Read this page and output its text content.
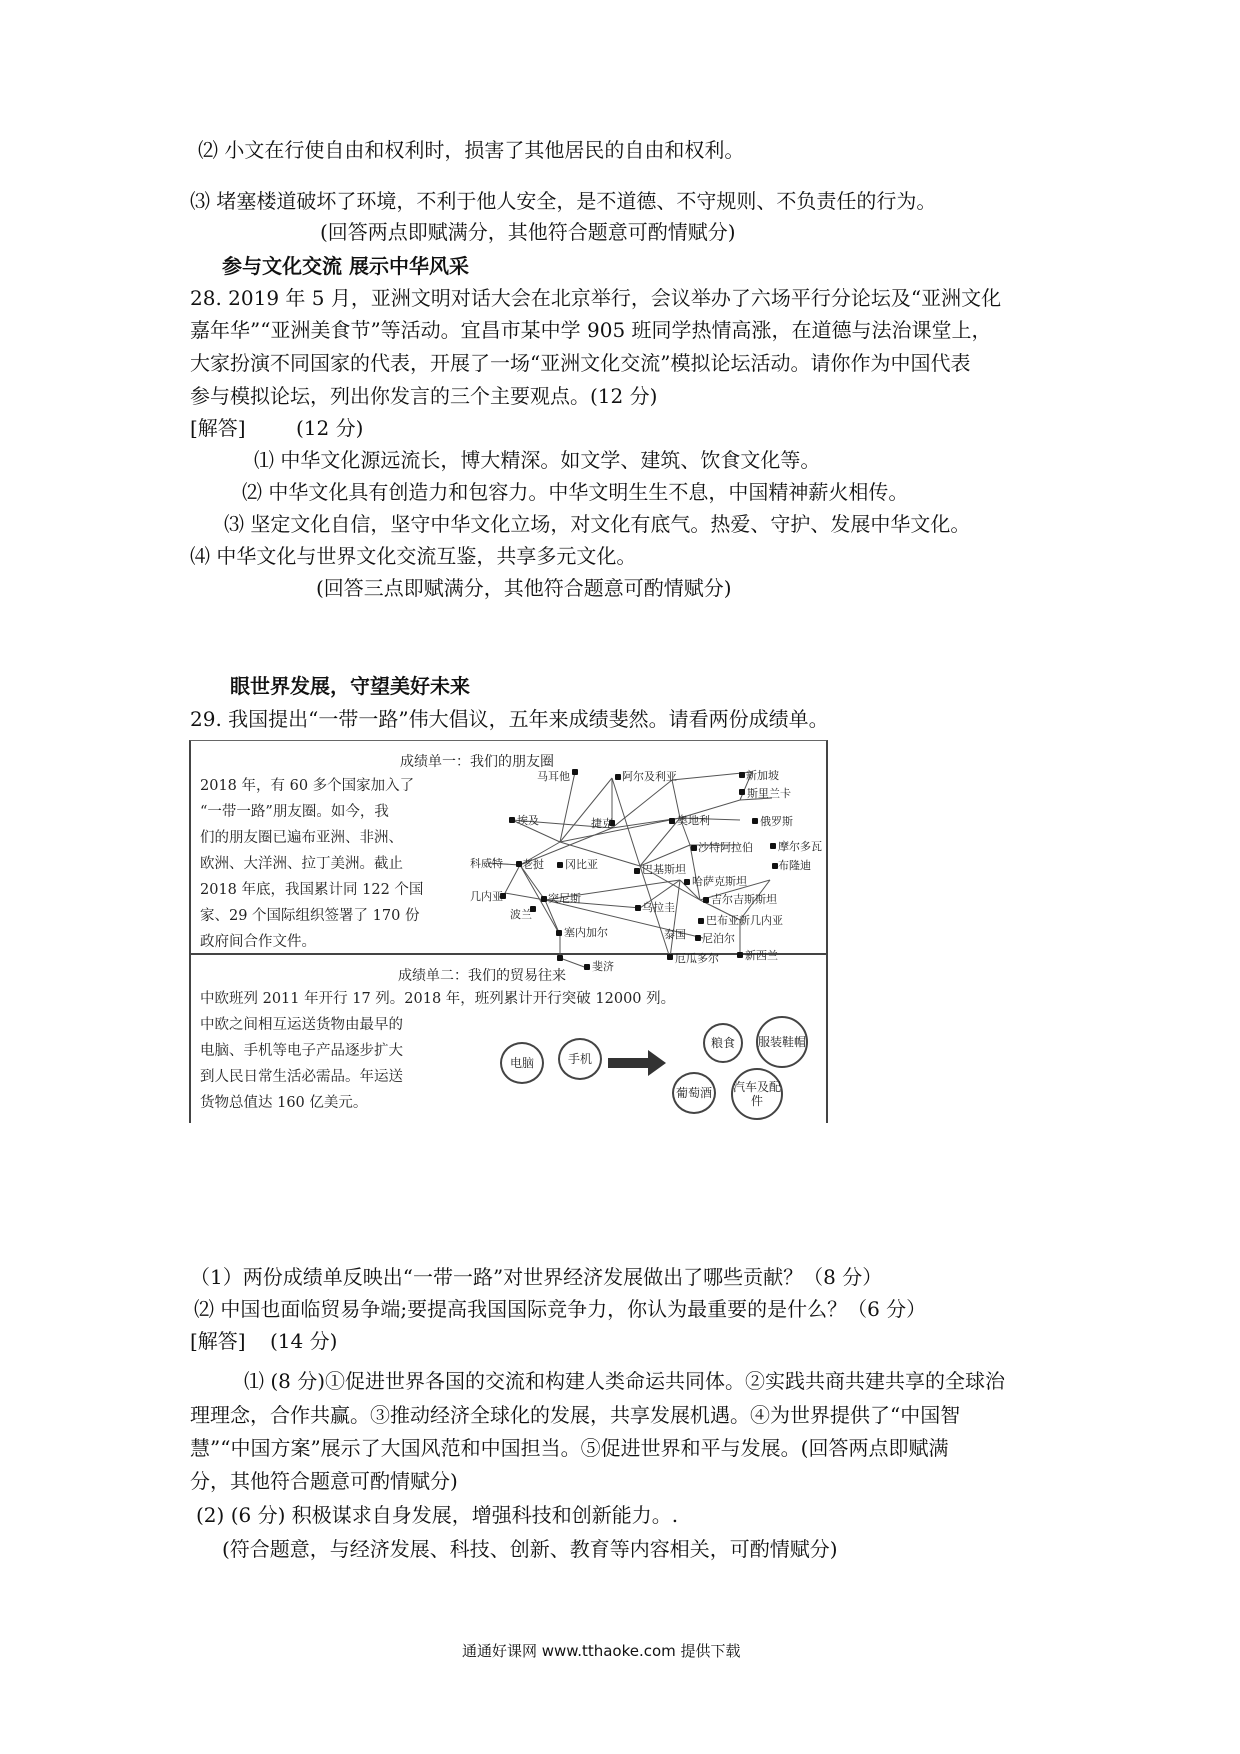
⑵ 小文在行使自由和权利时，损害了其他居民的自由和权利。
⑶ 堵塞楼道破坏了环境，不利于他人安全，是不道德、不守规则、不负责任的行为。
(回答两点即赋满分，其他符合题意可酌情赋分)
参与文化交流 展示中华风采
28. 2019 年 5 月，亚洲文明对话大会在北京举行，会议举办了六场平行分论坛及“亚洲文化
嘉年华”“亚洲美食节”等活动。宜昌市某中学 905 班同学热情高涨，在道德与法治课堂上，
大家扮演不同国家的代表，开展了一场“亚洲文化交流”模拟论坛活动。请你作为中国代表
参与模拟论坛，列出你发言的三个主要观点。(12 分)
[解答]	(12 分)
⑴ 中华文化源远流长，博大精深。如文学、建筑、饮食文化等。
⑵ 中华文化具有创造力和包容力。中华文明生生不息，中国精神薪火相传。
⑶ 坚定文化自信，坚守中华文化立场，对文化有底气。热爱、守护、发展中华文化。
⑷ 中华文化与世界文化交流互鉴，共享多元文化。
(回答三点即赋满分，其他符合题意可酌情赋分)
眼世界发展，守望美好未来
29. 我国提出“一带一路”伟大倡议，五年来成绩斐然。请看两份成绩单。
成绩单一：我们的朋友圈
2018 年，有 60 多个国家加入了
“一带一路”朋友圈。如今，我
们的朋友圈已遍布亚洲、非洲、
欧洲、大洋洲、拉丁美洲。截止
2018 年底，我国累计同 122 个国
家、29 个国际组织签署了 170 份
政府间合作文件。
马耳他	阿尔及利亚	新加坡
斯里兰卡
埃及	捷克	奥地利	俄罗斯
沙特阿拉伯 摩尔多瓦
科威特 老挝 冈比亚	巴基斯坦	布隆迪
哈萨克斯坦
突尼斯	吉尔吉斯斯坦
几内亚
乌拉圭
巴布亚新几内亚
波兰
塞内加尔
斐济
泰国 尼泊尔
厄瓜多尔 新西兰
成绩单二：我们的贸易往来
中欧班列 2011 年开行 17 列。2018 年，班列累计开行突破 12000 列。
中欧之间相互运送货物由最早的
电脑、手机等电子产品逐步扩大
到人民日常生活必需品。年运送
货物总值达 160 亿美元。
电脑	手机
粮食	服装鞋帽
葡萄酒	汽车及配件
（1）两份成绩单反映出“一带一路”对世界经济发展做出了哪些贡献？（8 分）
⑵ 中国也面临贸易争端;要提高我国国际竞争力，你认为最重要的是什么？（6 分）
[解答] (14 分)
⑴ (8 分)①促进世界各国的交流和构建人类命运共同体。②实践共商共建共享的全球治
理理念，合作共赢。③推动经济全球化的发展，共享发展机遇。④为世界提供了“中国智
慧”“中国方案”展示了大国风范和中国担当。⑤促进世界和平与发展。(回答两点即赋满
分，其他符合题意可酌情赋分)
(2) (6 分) 积极谋求自身发展，增强科技和创新能力。.
(符合题意，与经济发展、科技、创新、教育等内容相关，可酌情赋分)
通通好课网 www.tthaoke.com 提供下载
